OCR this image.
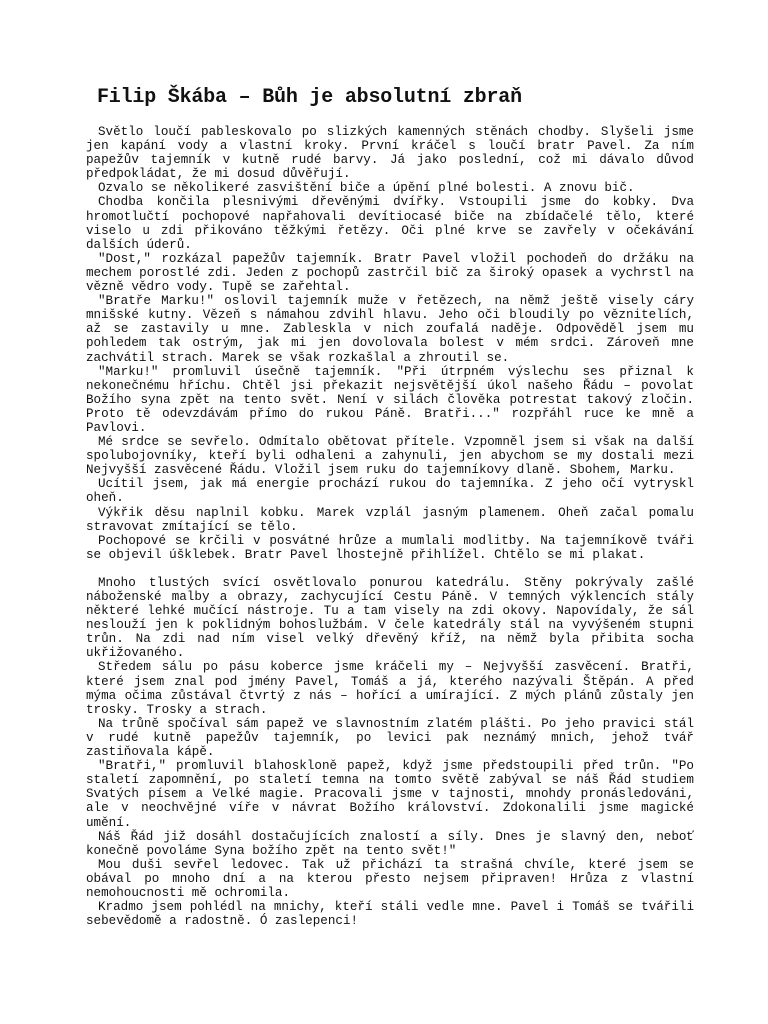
Filip Škába – Bůh je absolutní zbraň

Světlo loučí pableskovalo po slizkých kamenných stěnách chodby. Slyšeli jsme jen kapání vody a vlastní kroky. První kráčel s loučí bratr Pavel. Za ním papežův tajemník v kutně rudé barvy. Já jako poslední, což mi dávalo důvod předpokládat, že mi dosud důvěřují.

Ozvalo se několikeré zasvištění biče a úpění plné bolesti. A znovu bič.

Chodba končila plesnivými dřevěnými dvířky. Vstoupili jsme do kobky. Dva hromotlučtí pochopové napřahovali devítiocasé biče na zbídačelé tělo, které viselo u zdi přikováno těžkými řetězy. Oči plné krve se zavřely v očekávání dalších úderů.

"Dost," rozkázal papežův tajemník. Bratr Pavel vložil pochodeň do držáku na mechem porostlé zdi. Jeden z pochopů zastrčil bič za široký opasek a vychrstl na vězně vědro vody. Tupě se zařehtal.

"Bratře Marku!" oslovil tajemník muže v řetězech, na němž ještě visely cáry mnišské kutny. Vězeň s námahou zdvihl hlavu. Jeho oči bloudily po věznitelích, až se zastavily u mne. Zableskla v nich zoufalá naděje. Odpověděl jsem mu pohledem tak ostrým, jak mi jen dovolovala bolest v mém srdci. Zároveň mne zachvátil strach. Marek se však rozkašlal a zhroutil se.

"Marku!" promluvil úsečně tajemník. "Při útrpném výslechu ses přiznal k nekonečnému hříchu. Chtěl jsi překazit nejsvětější úkol našeho Řádu – povolat Božího syna zpět na tento svět. Není v silách člověka potrestat takový zločin. Proto tě odevzdávám přímo do rukou Páně. Bratři..." rozpřáhl ruce ke mně a Pavlovi.

Mé srdce se sevřelo. Odmítalo obětovat přítele. Vzpomněl jsem si však na další spolubojovníky, kteří byli odhaleni a zahynuli, jen abychom se my dostali mezi Nejvyšší zasvěcené Řádu. Vložil jsem ruku do tajemníkovy dlaně. Sbohem, Marku.

Ucítil jsem, jak má energie prochází rukou do tajemníka. Z jeho očí vytryskl oheň.

Výkřik děsu naplnil kobku. Marek vzplál jasným plamenem. Oheň začal pomalu stravovat zmítající se tělo.

Pochopové se krčili v posvátné hrůze a mumlali modlitby. Na tajemníkově tváři se objevil úšklebek. Bratr Pavel lhostejně přihlížel. Chtělo se mi plakat.

Mnoho tlustých svící osvětlovalo ponurou katedrálu. Stěny pokrývaly zašlé náboženské malby a obrazy, zachycující Cestu Páně. V temných výklencích stály některé lehké mučící nástroje. Tu a tam visely na zdi okovy. Napovídaly, že sál neslouží jen k poklidným bohoslužbám. V čele katedrály stál na vyvýšeném stupni trůn. Na zdi nad ním visel velký dřevěný kříž, na němž byla přibita socha ukřižovaného.

Středem sálu po pásu koberce jsme kráčeli my – Nejvyšší zasvěcení. Bratři, které jsem znal pod jmény Pavel, Tomáš a já, kterého nazývali Štěpán. A před mýma očima zůstával čtvrtý z nás – hořící a umírající. Z mých plánů zůstaly jen trosky. Trosky a strach.

Na trůně spočíval sám papež ve slavnostním zlatém plášti. Po jeho pravici stál v rudé kutně papežův tajemník, po levici pak neznámý mnich, jehož tvář zastiňovala kápě.

"Bratři," promluvil blahoskloně papež, když jsme předstoupili před trůn. "Po staletí zapomnění, po staletí temna na tomto světě zabýval se náš Řád studiem Svatých písem a Velké magie. Pracovali jsme v tajnosti, mnohdy pronásledováni, ale v neochvějné víře v návrat Božího království. Zdokonalili jsme magické umění.

Náš Řád již dosáhl dostačujících znalostí a síly. Dnes je slavný den, neboť konečně povoláme Syna božího zpět na tento svět!"

Mou duši sevřel ledovec. Tak už přichází ta strašná chvíle, které jsem se obával po mnoho dní a na kterou přesto nejsem připraven! Hrůza z vlastní nemohoucnosti mě ochromila.

Kradmo jsem pohlédl na mnichy, kteří stáli vedle mne. Pavel i Tomáš se tvářili sebevědomě a radostně. Ó zaslepenci!
